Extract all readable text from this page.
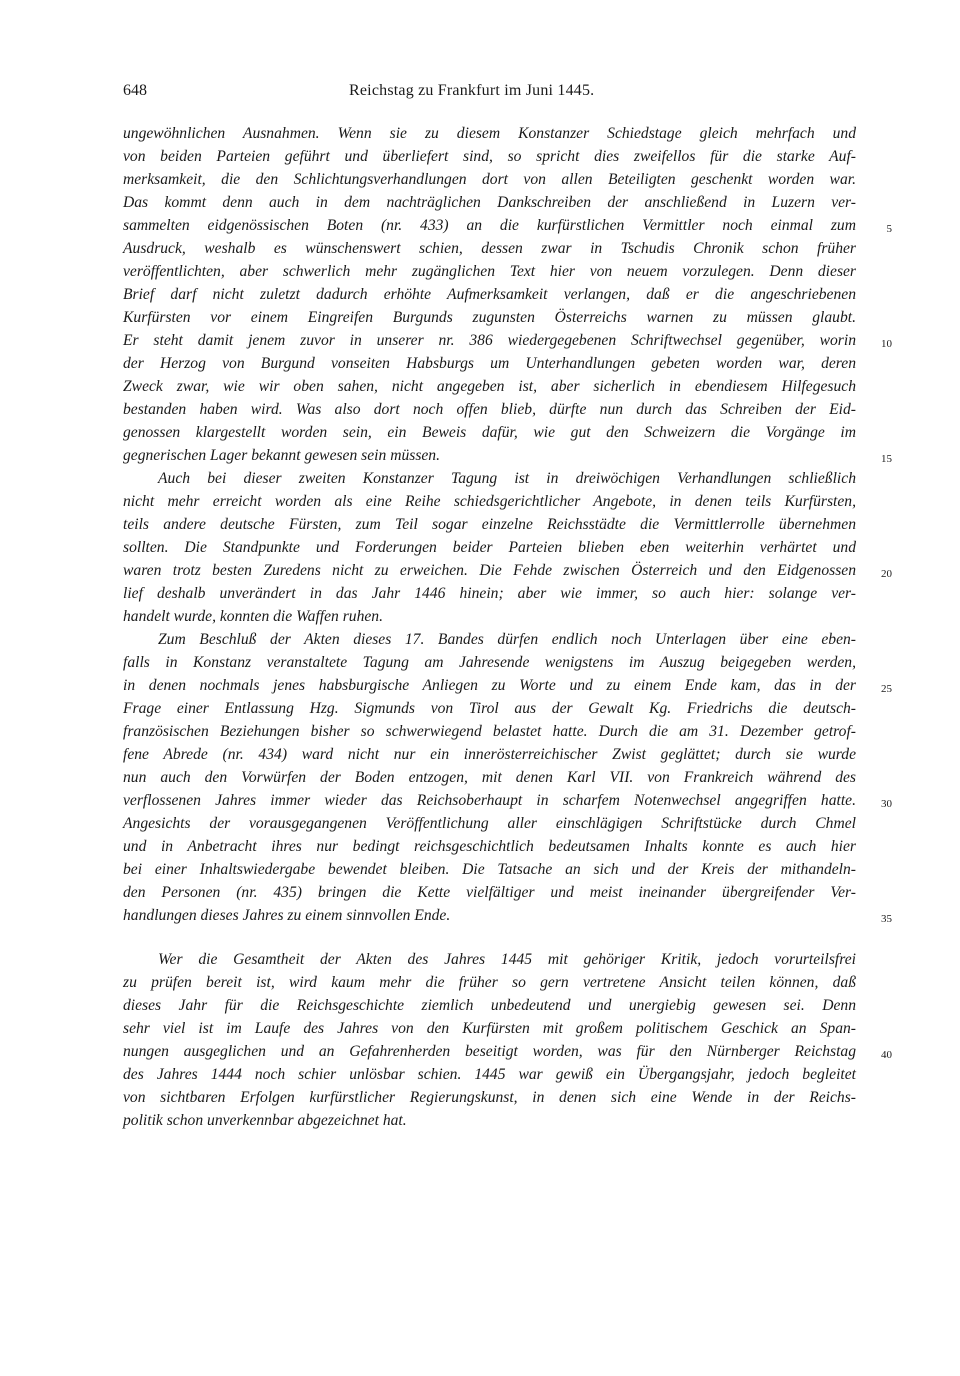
648	Reichstag zu Frankfurt im Juni 1445.
ungewöhnlichen Ausnahmen. Wenn sie zu diesem Konstanzer Schiedstage gleich mehrfach und
von beiden Parteien geführt und überliefert sind, so spricht dies zweifellos für die starke Auf-
merksamkeit, die den Schlichtungsverhandlungen dort von allen Beteiligten geschenkt worden war.
Das kommt denn auch in dem nachträglichen Dankschreiben der anschließend in Luzern ver-
sammelten eidgenössischen Boten (nr. 433) an die kurfürstlichen Vermittler noch einmal zum
Ausdruck, weshalb es wünschenswert schien, dessen zwar in Tschudis Chronik schon früher
veröffentlichten, aber schwerlich mehr zugänglichen Text hier von neuem vorzulegen. Denn dieser
Brief darf nicht zuletzt dadurch erhöhte Aufmerksamkeit verlangen, daß er die angeschriebenen
Kurfürsten vor einem Eingreifen Burgunds zugunsten Österreichs warnen zu müssen glaubt.
Er steht damit jenem zuvor in unserer nr. 386 wiedergegebenen Schriftwechsel gegenüber, worin
der Herzog von Burgund vonseiten Habsburgs um Unterhandlungen gebeten worden war, deren
Zweck zwar, wie wir oben sahen, nicht angegeben ist, aber sicherlich in ebendiesem Hilfegesuch
bestanden haben wird. Was also dort noch offen blieb, dürfte nun durch das Schreiben der Eid-
genossen klargestellt worden sein, ein Beweis dafür, wie gut den Schweizern die Vorgänge im
gegnerischen Lager bekannt gewesen sein müssen.
Auch bei dieser zweiten Konstanzer Tagung ist in dreiwöchigen Verhandlungen schließlich
nicht mehr erreicht worden als eine Reihe schiedsgerichtlicher Angebote, in denen teils Kurfürsten,
teils andere deutsche Fürsten, zum Teil sogar einzelne Reichsstädte die Vermittlerrolle übernehmen
sollten. Die Standpunkte und Forderungen beider Parteien blieben eben weiterhin verhärtet und
waren trotz besten Zuredens nicht zu erweichen. Die Fehde zwischen Österreich und den Eidgenossen
lief deshalb unverändert in das Jahr 1446 hinein; aber wie immer, so auch hier: solange ver-
handelt wurde, konnten die Waffen ruhen.
Zum Beschluß der Akten dieses 17. Bandes dürfen endlich noch Unterlagen über eine eben-
falls in Konstanz veranstaltete Tagung am Jahresende wenigstens im Auszug beigegeben werden,
in denen nochmals jenes habsburgische Anliegen zu Worte und zu einem Ende kam, das in der
Frage einer Entlassung Hzg. Sigmunds von Tirol aus der Gewalt Kg. Friedrichs die deutsch-
französischen Beziehungen bisher so schwerwiegend belastet hatte. Durch die am 31. Dezember getrof-
fene Abrede (nr. 434) ward nicht nur ein innerösterreichischer Zwist geglättet; durch sie wurde
nun auch den Vorwürfen der Boden entzogen, mit denen Karl VII. von Frankreich während des
verflossenen Jahres immer wieder das Reichsoberhaupt in scharfem Notenwechsel angegriffen hatte.
Angesichts der vorausgegangenen Veröffentlichung aller einschlägigen Schriftstücke durch Chmel
und in Anbetracht ihres nur bedingt reichsgeschichtlich bedeutsamen Inhalts konnte es auch hier
bei einer Inhaltswiedergabe bewendet bleiben. Die Tatsache an sich und der Kreis der mithandeln-
den Personen (nr. 435) bringen die Kette vielfältiger und meist ineinander übergreifender Ver-
handlungen dieses Jahres zu einem sinnvollen Ende.
Wer die Gesamtheit der Akten des Jahres 1445 mit gehöriger Kritik, jedoch vorurteilsfrei
zu prüfen bereit ist, wird kaum mehr die früher so gern vertretene Ansicht teilen können, daß
dieses Jahr für die Reichsgeschichte ziemlich unbedeutend und unergiebig gewesen sei. Denn
sehr viel ist im Laufe des Jahres von den Kurfürsten mit großem politischem Geschick an Span-
nungen ausgeglichen und an Gefahrenherden beseitigt worden, was für den Nürnberger Reichstag
des Jahres 1444 noch schier unlösbar schien. 1445 war gewiß ein Übergangsjahr, jedoch begleitet
von sichtbaren Erfolgen kurfürstlicher Regierungskunst, in denen sich eine Wende in der Reichs-
politik schon unverkennbar abgezeichnet hat.
5
10
15
20
25
30
35
40
